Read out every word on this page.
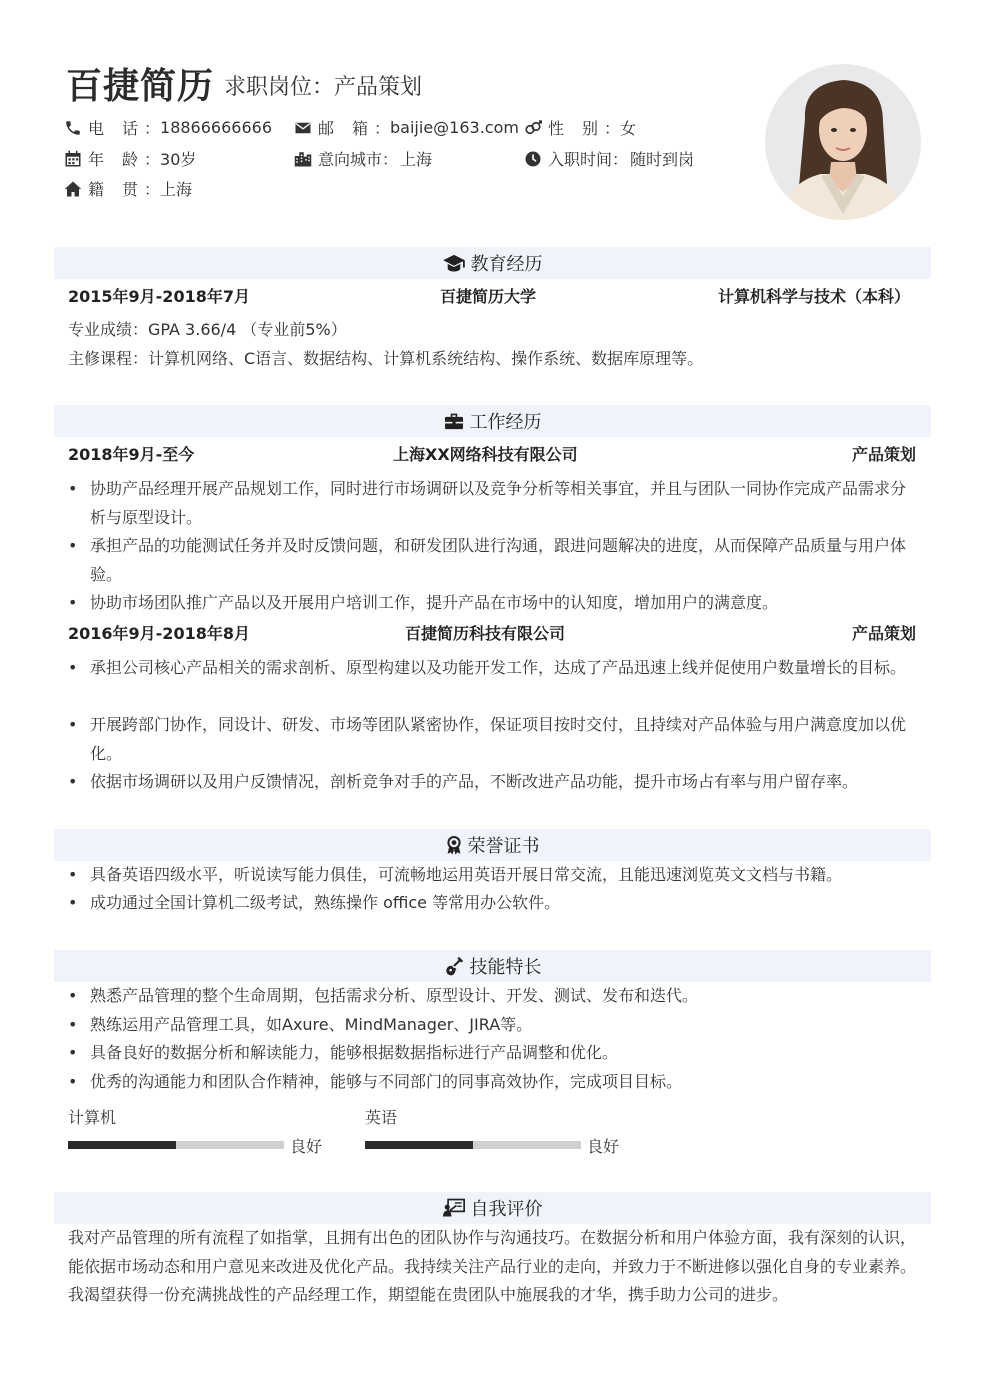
百捷简历 求职岗位：产品策划
电 话 ： 18866666666	邮 箱 ： baijie@163.com 性 别 ： 女
年 龄 ： 30岁	意向城市： 上海	入职时间： 随时到岗
籍 贯 ： 上海
教育经历
2015年9月-2018年7月	百捷简历大学	计算机科学与技术（本科）
专业成绩：GPA 3.66/4 （专业前5%）
主修课程：计算机网络、C语言、数据结构、计算机系统结构、操作系统、数据库原理等。
工作经历
2018年9月-至今	上海XX网络科技有限公司	产品策划
• 协助产品经理开展产品规划工作，同时进行市场调研以及竞争分析等相关事宜，并且与团队一同协作完成产品需求分析与原型设计。
• 承担产品的功能测试任务并及时反馈问题，和研发团队进行沟通，跟进问题解决的进度，从而保障产品质量与用户体验。
• 协助市场团队推广产品以及开展用户培训工作，提升产品在市场中的认知度，增加用户的满意度。
2016年9月-2018年8月	百捷简历科技有限公司	产品策划
• 承担公司核心产品相关的需求剖析、原型构建以及功能开发工作，达成了产品迅速上线并促使用户数量增长的目标。
• 开展跨部门协作，同设计、研发、市场等团队紧密协作，保证项目按时交付，且持续对产品体验与用户满意度加以优化。
• 依据市场调研以及用户反馈情况，剖析竞争对手的产品，不断改进产品功能，提升市场占有率与用户留存率。
荣誉证书
• 具备英语四级水平，听说读写能力俱佳，可流畅地运用英语开展日常交流，且能迅速浏览英文文档与书籍。
• 成功通过全国计算机二级考试，熟练操作 office 等常用办公软件。
技能特长
• 熟悉产品管理的整个生命周期，包括需求分析、原型设计、开发、测试、发布和迭代。
• 熟练运用产品管理工具，如Axure、MindManager、JIRA等。
• 具备良好的数据分析和解读能力，能够根据数据指标进行产品调整和优化。
• 优秀的沟通能力和团队合作精神，能够与不同部门的同事高效协作，完成项目目标。
计算机
良好
英语
良好
自我评价
我对产品管理的所有流程了如指掌，且拥有出色的团队协作与沟通技巧。在数据分析和用户体验方面，我有深刻的认识，能依据市场动态和用户意见来改进及优化产品。我持续关注产品行业的走向，并致力于不断进修以强化自身的专业素养。我渴望获得一份充满挑战性的产品经理工作，期望能在贵团队中施展我的才华，携手助力公司的进步。
